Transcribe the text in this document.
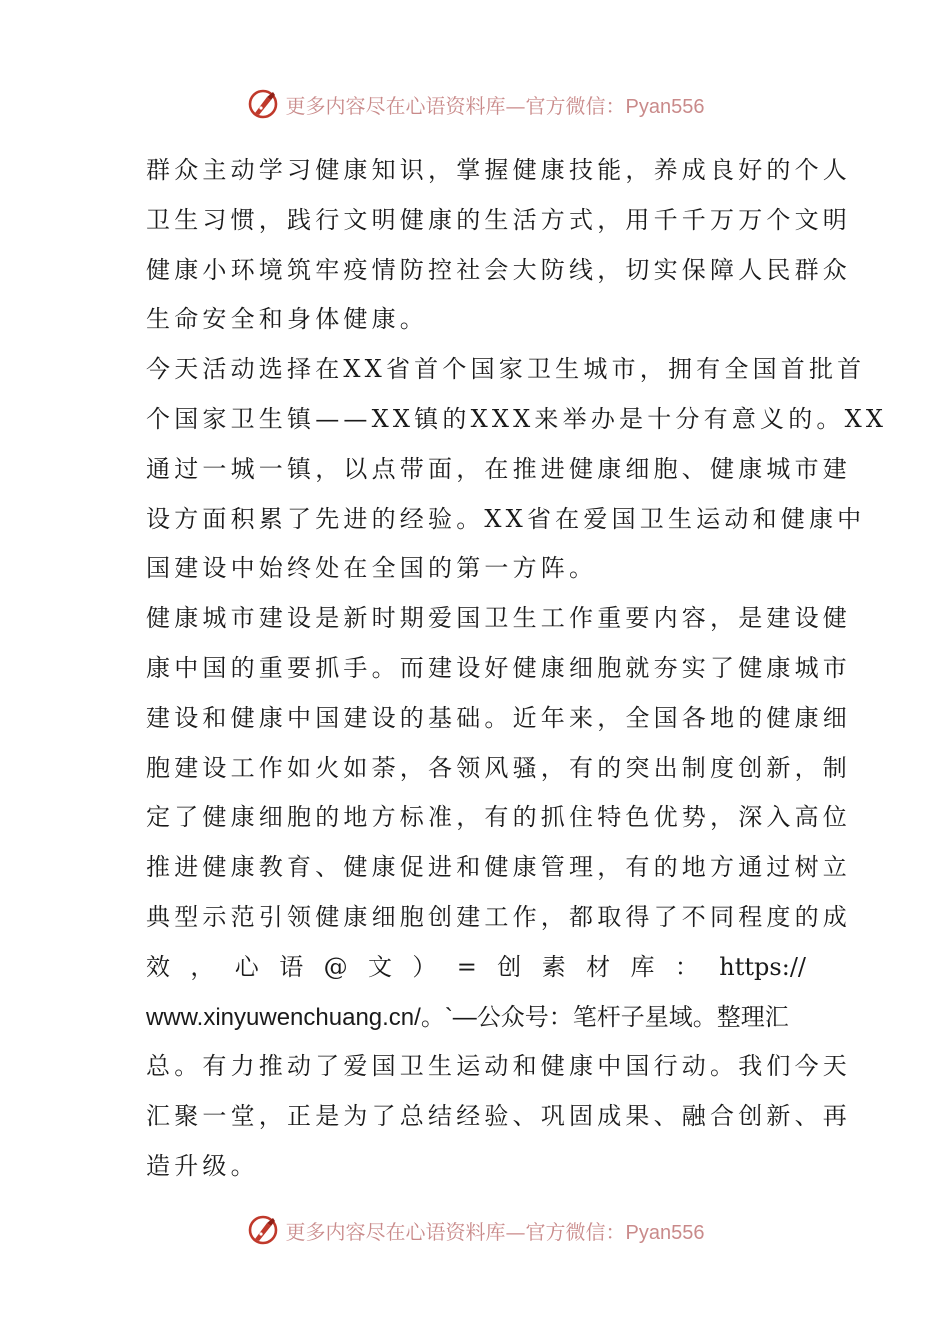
更多内容尽在心语资料库—官方微信：Pyan556
群众主动学习健康知识，掌握健康技能，养成良好的个人
卫生习惯，践行文明健康的生活方式，用千千万万个文明
健康小环境筑牢疫情防控社会大防线，切实保障人民群众
生命安全和身体健康。
今天活动选择在XX省首个国家卫生城市，拥有全国首批首
个国家卫生镇——XX镇的XXX来举办是十分有意义的。XX
通过一城一镇，以点带面，在推进健康细胞、健康城市建
设方面积累了先进的经验。XX省在爱国卫生运动和健康中
国建设中始终处在全国的第一方阵。
健康城市建设是新时期爱国卫生工作重要内容，是建设健
康中国的重要抓手。而建设好健康细胞就夯实了健康城市
建设和健康中国建设的基础。近年来，全国各地的健康细
胞建设工作如火如荼，各领风骚，有的突出制度创新，制
定了健康细胞的地方标准，有的抓住特色优势，深入高位
推进健康教育、健康促进和健康管理，有的地方通过树立
典型示范引领健康细胞创建工作，都取得了不同程度的成
效，心语@文）=创素材库：https://
www.xinyuwenchuang.cn/。`—公众号：笔杆子星域。整理汇
总。有力推动了爱国卫生运动和健康中国行动。我们今天
汇聚一堂，正是为了总结经验、巩固成果、融合创新、再
造升级。
更多内容尽在心语资料库—官方微信：Pyan556
